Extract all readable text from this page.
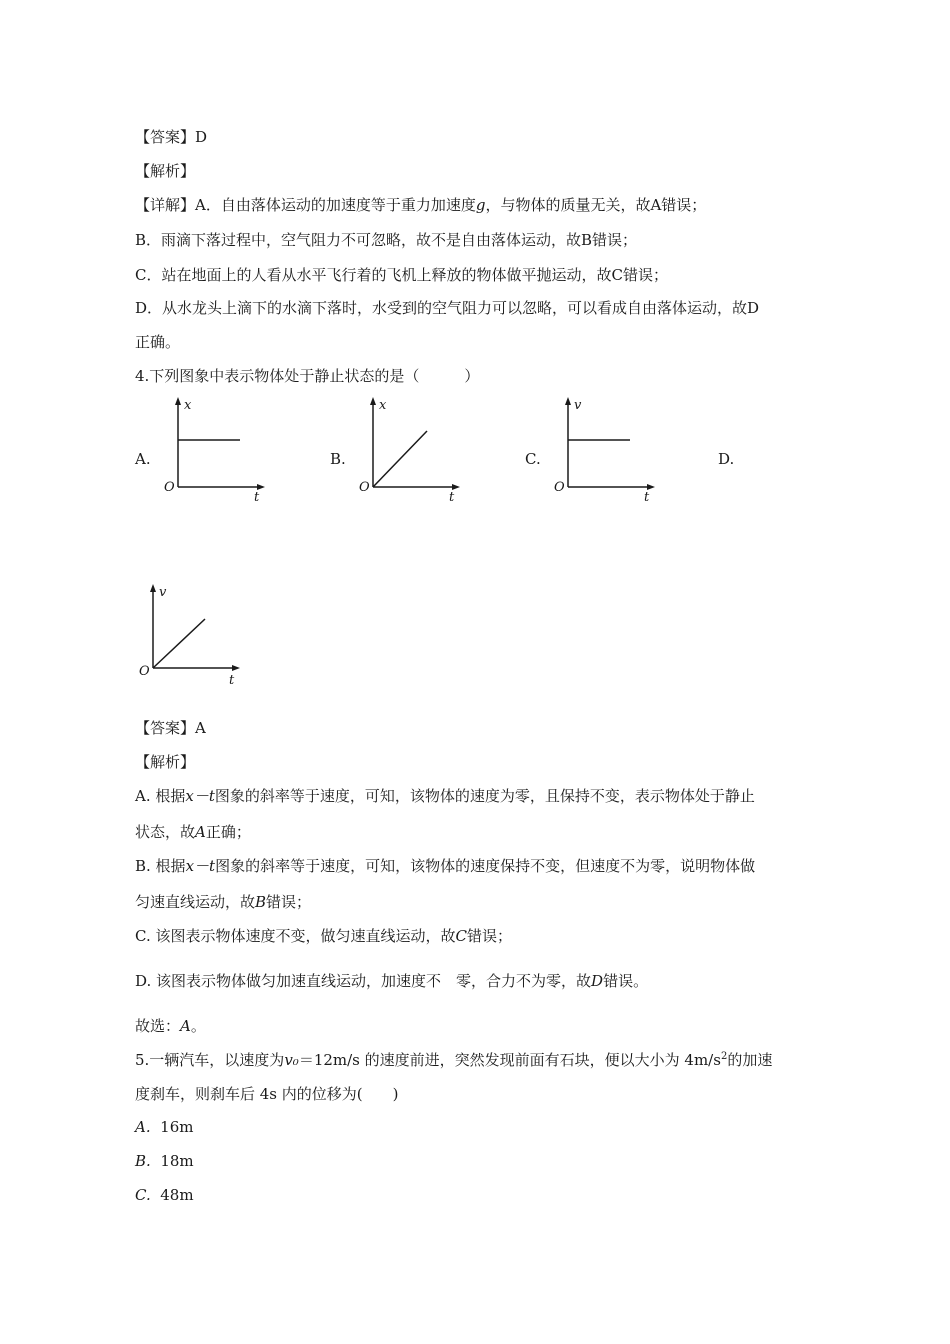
【答案】D
【解析】
【详解】A．自由落体运动的加速度等于重力加速度g，与物体的质量无关，故A错误；
B．雨滴下落过程中，空气阻力不可忽略，故不是自由落体运动，故B错误；
C．站在地面上的人看从水平飞行着的飞机上释放的物体做平抛运动，故C错误；
D．从水龙头上滴下的水滴下落时，水受到的空气阻力可以忽略，可以看成自由落体运动，故D
正确。
4.下列图象中表示物体处于静止状态的是（　　　）
A.
x
t
O
B.
x
t
O
C.
v
t
O
D.
v
t
O
【答案】A
【解析】
A. 根据x－t图象的斜率等于速度，可知，该物体的速度为零，且保持不变，表示物体处于静止
状态，故A正确；
B. 根据x－t图象的斜率等于速度，可知，该物体的速度保持不变，但速度不为零，说明物体做
匀速直线运动，故B错误；
C. 该图表示物体速度不变，做匀速直线运动，故C错误；
D. 该图表示物体做匀加速直线运动，加速度不　零，合力不为零，故D错误。
故选：A。
5.一辆汽车，以速度为v₀＝12m/s 的速度前进，突然发现前面有石块，便以大小为 $4m/s^2$的加速
度刹车，则刹车后 4s 内的位移为(　　)
A. 16m
B. 18m
C. 48m
